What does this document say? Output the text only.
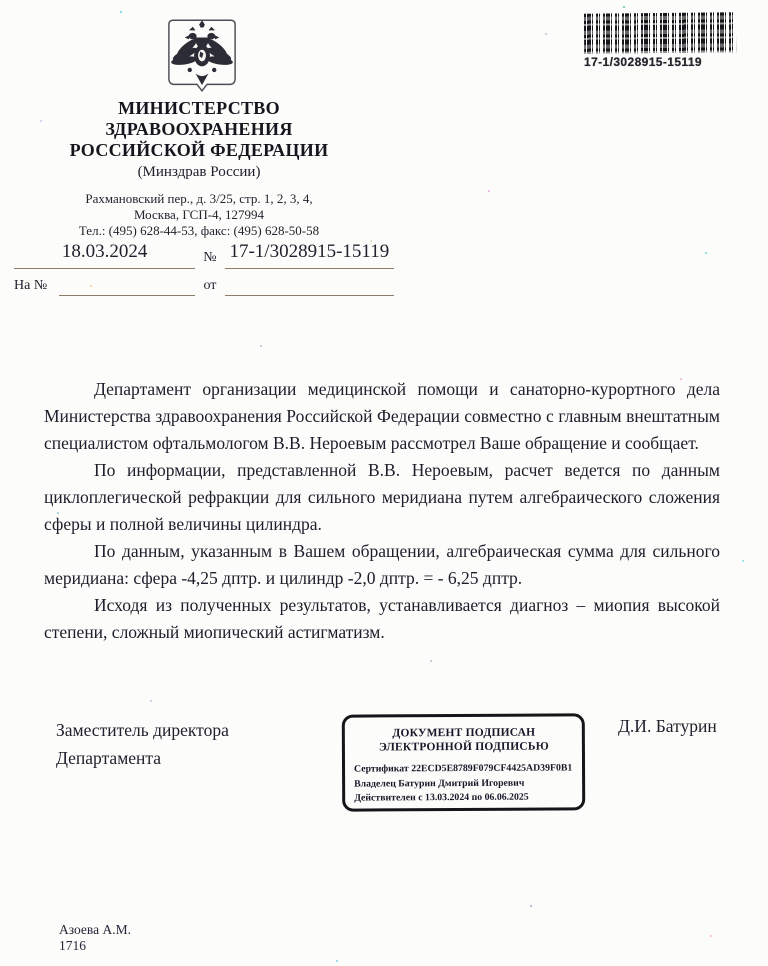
17-1/3028915-15119
МИНИСТЕРСТВО
ЗДРАВООХРАНЕНИЯ
РОССИЙСКОЙ ФЕДЕРАЦИИ
(Минздрав России)
Рахмановский пер., д. 3/25, стр. 1, 2, 3, 4,
Москва, ГСП-4, 127994
Тел.: (495) 628-44-53, факс: (495) 628-50-58
18.03.2024	№ 17-1/3028915-15119
На №	от

Департамент организации медицинской помощи и санаторно-курортного дела Министерства здравоохранения Российской Федерации совместно с главным внештатным специалистом офтальмологом В.В. Нероевым рассмотрел Ваше обращение и сообщает.

По информации, представленной В.В. Нероевым, расчет ведется по данным циклоплегической рефракции для сильного меридиана путем алгебраического сложения сферы и полной величины цилиндра.

По данным, указанным в Вашем обращении, алгебраическая сумма для сильного меридиана: сфера -4,25 дптр. и цилиндр -2,0 дптр. = - 6,25 дптр.

Исходя из полученных результатов, устанавливается диагноз – миопия высокой степени, сложный миопический астигматизм.

Заместитель директора
Департамента
ДОКУМЕНТ ПОДПИСАН
ЭЛЕКТРОННОЙ ПОДПИСЬЮ
Сертификат 22ECD5E8789F079CF4425AD39F0B1
Владелец Батурин Дмитрий Игоревич
Действителен с 13.03.2024 по 06.06.2025
Д.И. Батурин
Азоева А.М.
1716
